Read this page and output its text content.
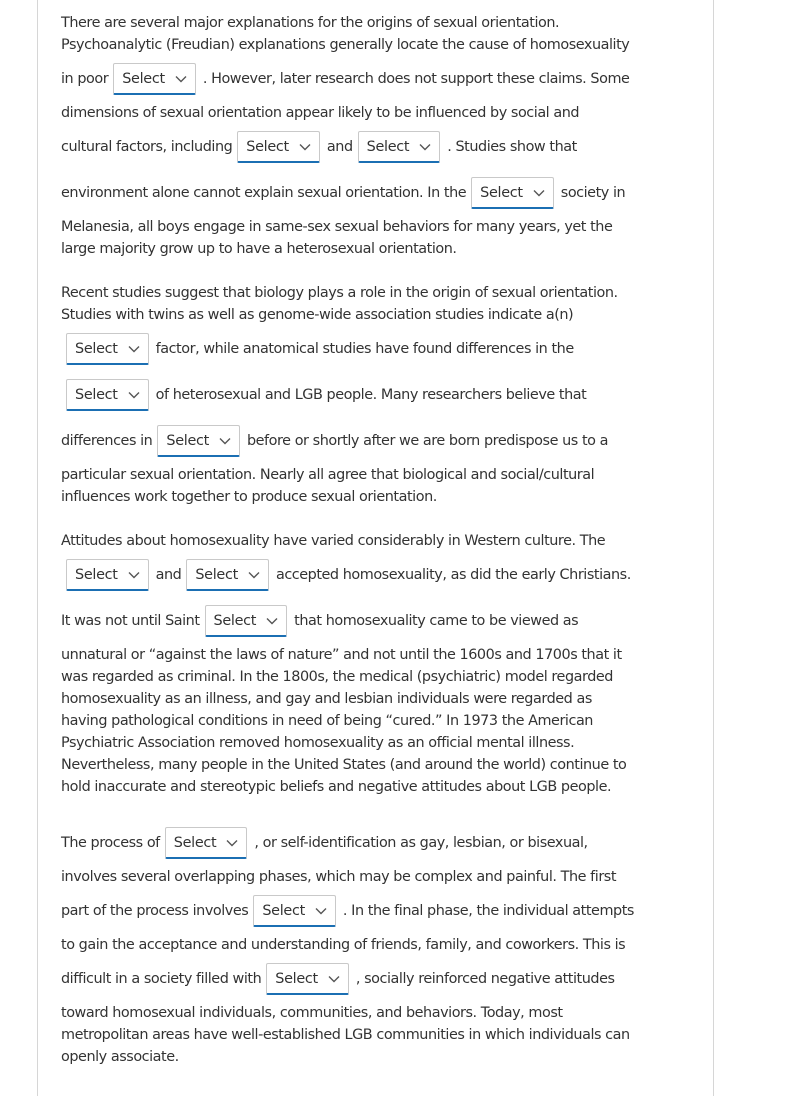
There are several major explanations for the origins of sexual orientation.
Psychoanalytic (Freudian) explanations generally locate the cause of homosexuality
in poor Select	. However, later research does not support these claims. Some
dimensions of sexual orientation appear likely to be influenced by social and
cultural factors, including Select	and Select	. Studies show that
environment alone cannot explain sexual orientation. In the Select	society in
Melanesia, all boys engage in same-sex sexual behaviors for many years, yet the
large majority grow up to have a heterosexual orientation.
Recent studies suggest that biology plays a role in the origin of sexual orientation.
Studies with twins as well as genome-wide association studies indicate a(n)
Select	factor, while anatomical studies have found differences in the
Select	of heterosexual and LGB people. Many researchers believe that
differences in Select	before or shortly after we are born predispose us to a
particular sexual orientation. Nearly all agree that biological and social/cultural
influences work together to produce sexual orientation.
Attitudes about homosexuality have varied considerably in Western culture. The
Select	and Select	accepted homosexuality, as did the early Christians.
It was not until Saint Select	that homosexuality came to be viewed as
unnatural or “against the laws of nature” and not until the 1600s and 1700s that it
was regarded as criminal. In the 1800s, the medical (psychiatric) model regarded
homosexuality as an illness, and gay and lesbian individuals were regarded as
having pathological conditions in need of being “cured.” In 1973 the American
Psychiatric Association removed homosexuality as an official mental illness.
Nevertheless, many people in the United States (and around the world) continue to
hold inaccurate and stereotypic beliefs and negative attitudes about LGB people.
The process of Select	, or self-identification as gay, lesbian, or bisexual,
involves several overlapping phases, which may be complex and painful. The first
part of the process involves Select	. In the final phase, the individual attempts
to gain the acceptance and understanding of friends, family, and coworkers. This is
difficult in a society filled with Select	, socially reinforced negative attitudes
toward homosexual individuals, communities, and behaviors. Today, most
metropolitan areas have well-established LGB communities in which individuals can
openly associate.
